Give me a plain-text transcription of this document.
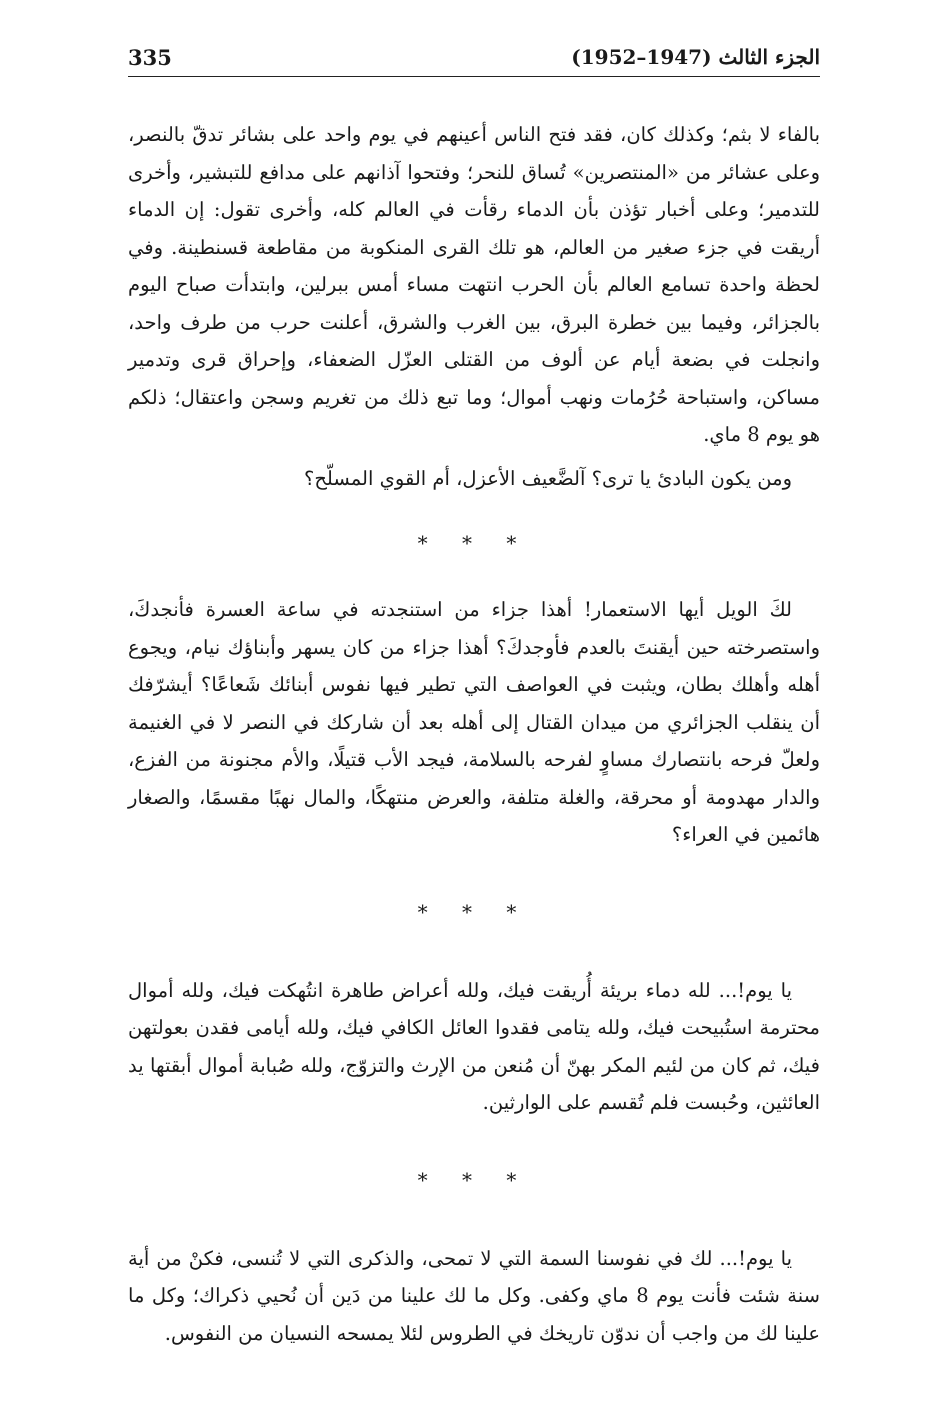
الجزء الثالث (1947–1952)
335

بالفاء لا بثم؛ وكذلك كان، فقد فتح الناس أعينهم في يوم واحد على بشائر تدقّ بالنصر، وعلى عشائر من «المنتصرين» تُساق للنحر؛ وفتحوا آذانهم على مدافع للتبشير، وأخرى للتدمير؛ وعلى أخبار تؤذن بأن الدماء رقأت في العالم كله، وأخرى تقول: إن الدماء أريقت في جزء صغير من العالم، هو تلك القرى المنكوبة من مقاطعة قسنطينة. وفي لحظة واحدة تسامع العالم بأن الحرب انتهت مساء أمس ببرلين، وابتدأت صباح اليوم بالجزائر، وفيما بين خطرة البرق، بين الغرب والشرق، أعلنت حرب من طرف واحد، وانجلت في بضعة أيام عن ألوف من القتلى العزّل الضعفاء، وإحراق قرى وتدمير مساكن، واستباحة حُرُمات ونهب أموال؛ وما تبع ذلك من تغريم وسجن واعتقال؛ ذلكم هو يوم 8 ماي.

ومن يكون البادئ يا ترى؟ آلضَّعيف الأعزل، أم القوي المسلّح؟

* * *

لكَ الويل أيها الاستعمار! أهذا جزاء من استنجدته في ساعة العسرة فأنجدكَ، واستصرخته حين أيقنتَ بالعدم فأوجدكَ؟ أهذا جزاء من كان يسهر وأبناؤك نيام، ويجوع أهله وأهلك بطان، ويثبت في العواصف التي تطير فيها نفوس أبنائك شَعاعًا؟ أيشرّفك أن ينقلب الجزائري من ميدان القتال إلى أهله بعد أن شاركك في النصر لا في الغنيمة ولعلّ فرحه بانتصارك مساوٍ لفرحه بالسلامة، فيجد الأب قتيلًا، والأم مجنونة من الفزع، والدار مهدومة أو محرقة، والغلة متلفة، والعرض منتهكًا، والمال نهبًا مقسمًا، والصغار هائمين في العراء؟

* * *

يا يوم!... لله دماء بريئة أُريقت فيك، ولله أعراض طاهرة انتُهكت فيك، ولله أموال محترمة استُبيحت فيك، ولله يتامى فقدوا العائل الكافي فيك، ولله أيامى فقدن بعولتهن فيك، ثم كان من لئيم المكر بهنّ أن مُنعن من الإرث والتزوّج، ولله صُبابة أموال أبقتها يد العائثين، وحُبست فلم تُقسم على الوارثين.

* * *

يا يوم!... لك في نفوسنا السمة التي لا تمحى، والذكرى التي لا تُنسى، فكنْ من أية سنة شئت فأنت يوم 8 ماي وكفى. وكل ما لك علينا من دَين أن نُحيي ذكراك؛ وكل ما علينا لك من واجب أن ندوّن تاريخك في الطروس لئلا يمسحه النسيان من النفوس.
